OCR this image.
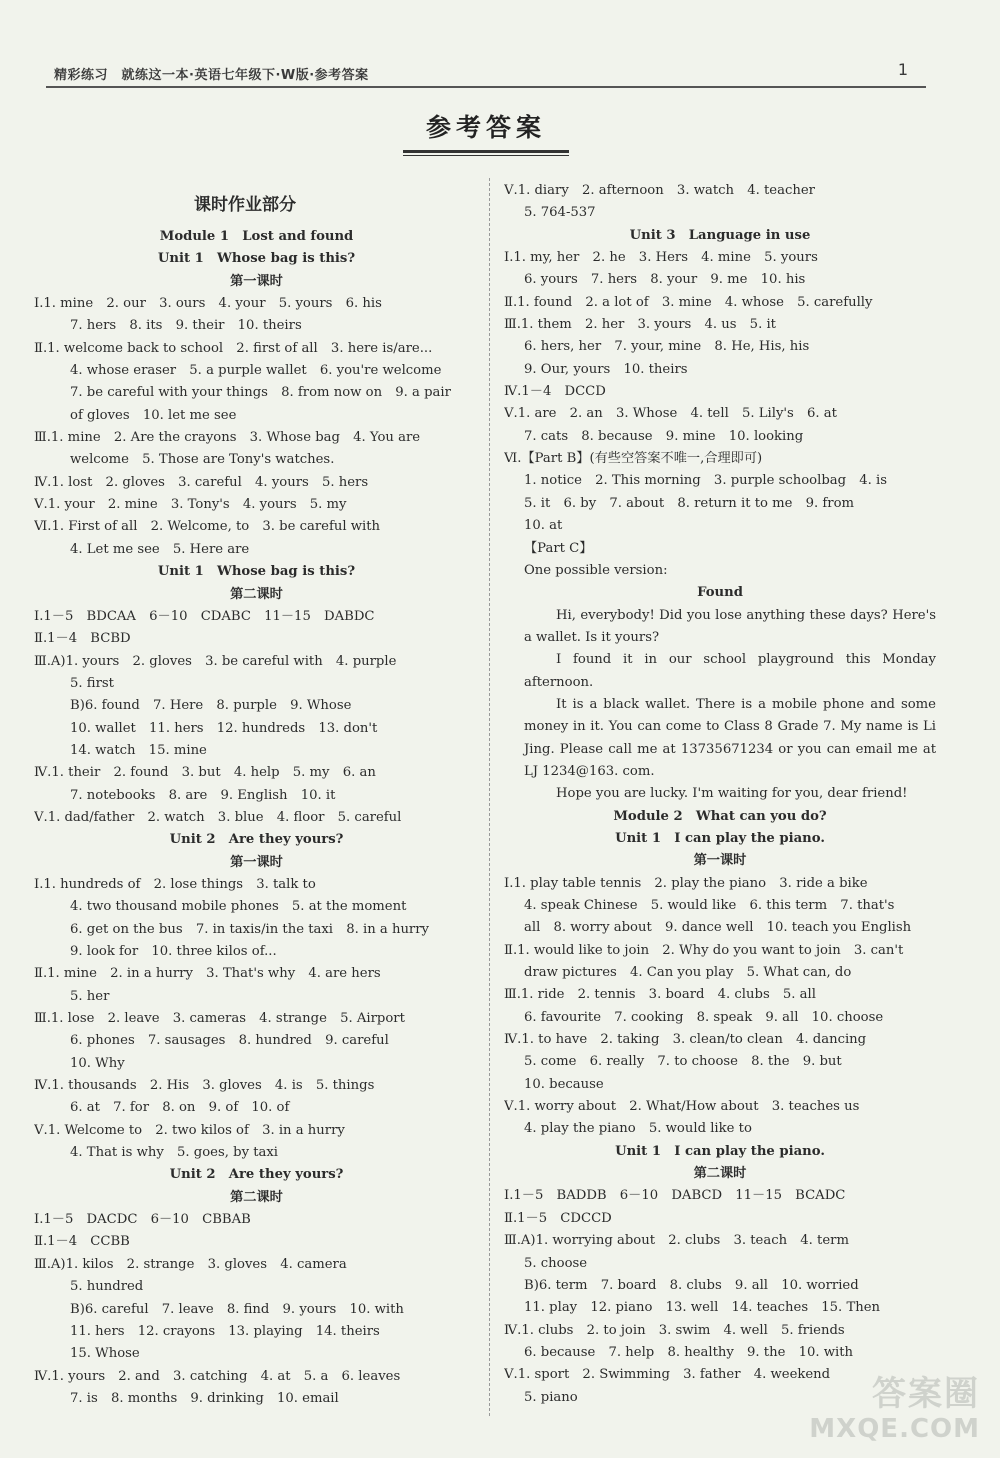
精彩练习　就练这一本·英语七年级下·W版·参考答案	1
参考答案
课时作业部分
Module 1　Lost and found
Unit 1　Whose bag is this?
第一课时
Ⅰ.1. mine　2. our　3. ours　4. your　5. yours　6. his
7. hers　8. its　9. their　10. theirs
Ⅱ.1. welcome back to school　2. first of all　3. here is/are...
4. whose eraser　5. a purple wallet　6. you're welcome
7. be careful with your things　8. from now on　9. a pair
of gloves　10. let me see
Ⅲ.1. mine　2. Are the crayons　3. Whose bag　4. You are
welcome　5. Those are Tony's watches.
Ⅳ.1. lost　2. gloves　3. careful　4. yours　5. hers
Ⅴ.1. your　2. mine　3. Tony's　4. yours　5. my
Ⅵ.1. First of all　2. Welcome, to　3. be careful with
4. Let me see　5. Here are
Unit 1　Whose bag is this?
第二课时
Ⅰ.1－5　BDCAA　6－10　CDABC　11－15　DABDC
Ⅱ.1－4　BCBD
Ⅲ.A)1. yours　2. gloves　3. be careful with　4. purple
5. first
B)6. found　7. Here　8. purple　9. Whose
10. wallet　11. hers　12. hundreds　13. don't
14. watch　15. mine
Ⅳ.1. their　2. found　3. but　4. help　5. my　6. an
7. notebooks　8. are　9. English　10. it
Ⅴ.1. dad/father　2. watch　3. blue　4. floor　5. careful
Unit 2　Are they yours?
第一课时
Ⅰ.1. hundreds of　2. lose things　3. talk to
4. two thousand mobile phones　5. at the moment
6. get on the bus　7. in taxis/in the taxi　8. in a hurry
9. look for　10. three kilos of...
Ⅱ.1. mine　2. in a hurry　3. That's why　4. are hers
5. her
Ⅲ.1. lose　2. leave　3. cameras　4. strange　5. Airport
6. phones　7. sausages　8. hundred　9. careful
10. Why
Ⅳ.1. thousands　2. His　3. gloves　4. is　5. things
6. at　7. for　8. on　9. of　10. of
Ⅴ.1. Welcome to　2. two kilos of　3. in a hurry
4. That is why　5. goes, by taxi
Unit 2　Are they yours?
第二课时
Ⅰ.1－5　DACDC　6－10　CBBAB
Ⅱ.1－4　CCBB
Ⅲ.A)1. kilos　2. strange　3. gloves　4. camera
5. hundred
B)6. careful　7. leave　8. find　9. yours　10. with
11. hers　12. crayons　13. playing　14. theirs
15. Whose
Ⅳ.1. yours　2. and　3. catching　4. at　5. a　6. leaves
7. is　8. months　9. drinking　10. email
Ⅴ.1. diary　2. afternoon　3. watch　4. teacher
5. 764-537
Unit 3　Language in use
Ⅰ.1. my, her　2. he　3. Hers　4. mine　5. yours
6. yours　7. hers　8. your　9. me　10. his
Ⅱ.1. found　2. a lot of　3. mine　4. whose　5. carefully
Ⅲ.1. them　2. her　3. yours　4. us　5. it
6. hers, her　7. your, mine　8. He, His, his
9. Our, yours　10. theirs
Ⅳ.1－4　DCCD
Ⅴ.1. are　2. an　3. Whose　4. tell　5. Lily's　6. at
7. cats　8. because　9. mine　10. looking
Ⅵ.【Part B】(有些空答案不唯一,合理即可)
1. notice　2. This morning　3. purple schoolbag　4. is
5. it　6. by　7. about　8. return it to me　9. from
10. at
【Part C】
One possible version:
Found
Hi, everybody! Did you lose anything these days? Here's
a wallet. Is it yours?
I found it in our school playground this Monday
afternoon.
It is a black wallet. There is a mobile phone and some
money in it. You can come to Class 8 Grade 7. My name is Li
Jing. Please call me at 13735671234 or you can email me at
LJ 1234@163. com.
Hope you are lucky. I'm waiting for you, dear friend!
Module 2　What can you do?
Unit 1　I can play the piano.
第一课时
Ⅰ.1. play table tennis　2. play the piano　3. ride a bike
4. speak Chinese　5. would like　6. this term　7. that's
all　8. worry about　9. dance well　10. teach you English
Ⅱ.1. would like to join　2. Why do you want to join　3. can't
draw pictures　4. Can you play　5. What can, do
Ⅲ.1. ride　2. tennis　3. board　4. clubs　5. all
6. favourite　7. cooking　8. speak　9. all　10. choose
Ⅳ.1. to have　2. taking　3. clean/to clean　4. dancing
5. come　6. really　7. to choose　8. the　9. but
10. because
Ⅴ.1. worry about　2. What/How about　3. teaches us
4. play the piano　5. would like to
Unit 1　I can play the piano.
第二课时
Ⅰ.1－5　BADDB　6－10　DABCD　11－15　BCADC
Ⅱ.1－5　CDCCD
Ⅲ.A)1. worrying about　2. clubs　3. teach　4. term
5. choose
B)6. term　7. board　8. clubs　9. all　10. worried
11. play　12. piano　13. well　14. teaches　15. Then
Ⅳ.1. clubs　2. to join　3. swim　4. well　5. friends
6. because　7. help　8. healthy　9. the　10. with
Ⅴ.1. sport　2. Swimming　3. father　4. weekend
5. piano	答案圈
MXQE.COM
